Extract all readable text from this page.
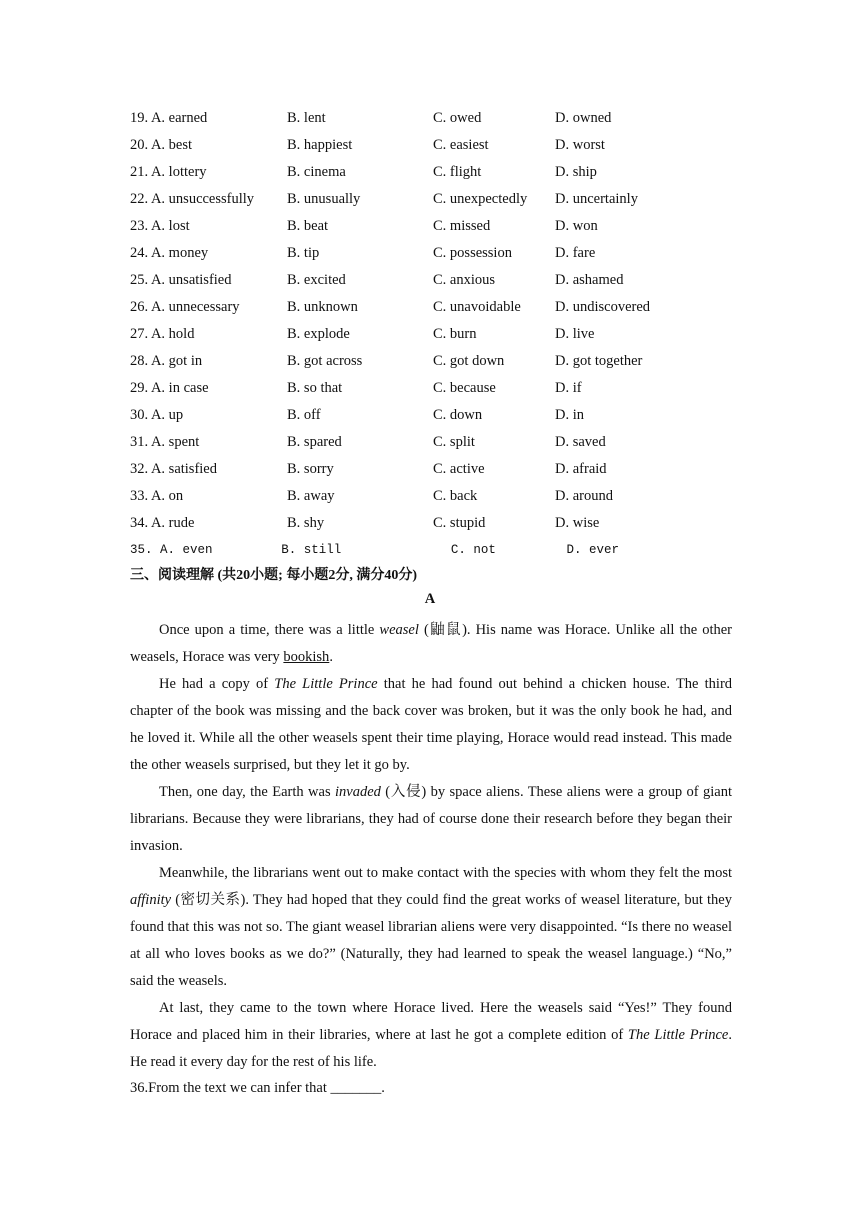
19. A. earned	B. lent	C. owed	D. owned
20. A. best	B. happiest	C. easiest	D. worst
21. A. lottery	B. cinema	C. flight	D. ship
22. A. unsuccessfully	B. unusually	C. unexpectedly	D. uncertainly
23. A. lost	B. beat	C. missed	D. won
24. A. money	B. tip	C. possession	D. fare
25. A. unsatisfied	B. excited	C. anxious	D. ashamed
26. A. unnecessary	B. unknown	C. unavoidable	D. undiscovered
27. A. hold	B. explode	C. burn	D. live
28. A. got in	B. got across	C. got down	D. got together
29. A. in case	B. so that	C. because	D. if
30. A. up	B. off	C. down	D. in
31. A. spent	B. spared	C. split	D. saved
32. A. satisfied	B. sorry	C. active	D. afraid
33. A. on	B. away	C. back	D. around
34. A. rude	B. shy	C. stupid	D. wise
35. A. even	B. still	C. not	D. ever
三、阅读理解 (共20小题; 每小题2分, 满分40分)
A

Once upon a time, there was a little weasel (鼬鼠). His name was Horace. Unlike all the other weasels, Horace was very bookish.

He had a copy of The Little Prince that he had found out behind a chicken house. The third chapter of the book was missing and the back cover was broken, but it was the only book he had, and he loved it. While all the other weasels spent their time playing, Horace would read instead. This made the other weasels surprised, but they let it go by.

Then, one day, the Earth was invaded (入侵) by space aliens. These aliens were a group of giant librarians. Because they were librarians, they had of course done their research before they began their invasion.

Meanwhile, the librarians went out to make contact with the species with whom they felt the most affinity (密切关系). They had hoped that they could find the great works of weasel literature, but they found that this was not so. The giant weasel librarian aliens were very disappointed. “Is there no weasel at all who loves books as we do?” (Naturally, they had learned to speak the weasel language.) “No,” said the weasels.

At last, they came to the town where Horace lived. Here the weasels said “Yes!” They found Horace and placed him in their libraries, where at last he got a complete edition of The Little Prince. He read it every day for the rest of his life.

36.From the text we can infer that _______.
